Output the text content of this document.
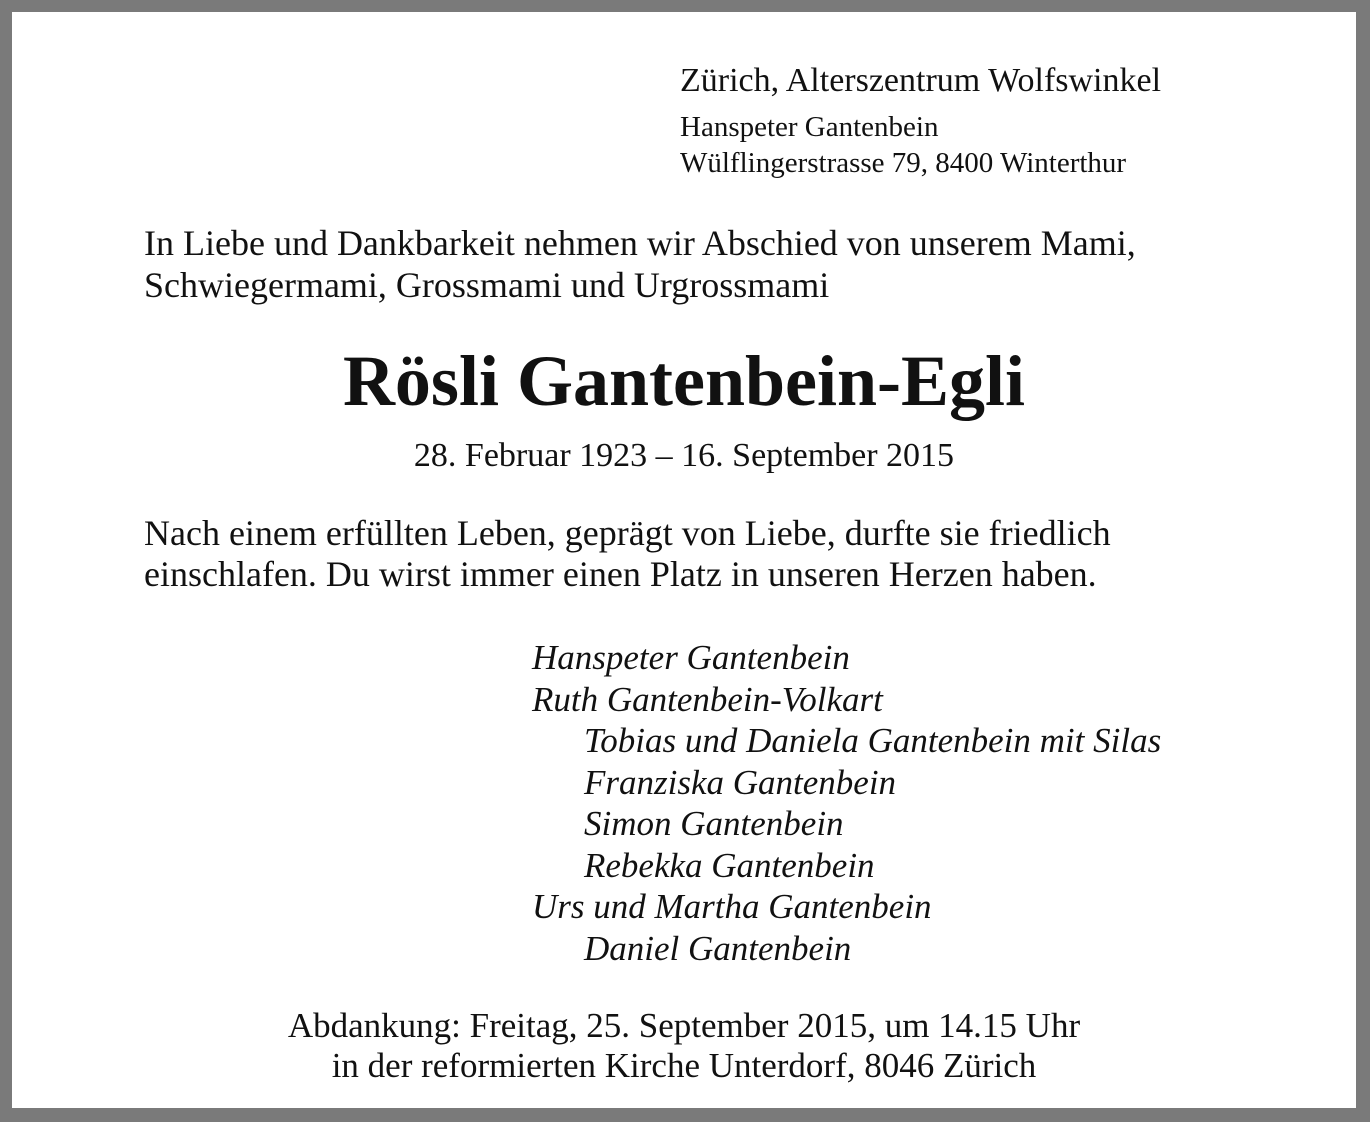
Zürich, Alterszentrum Wolfswinkel
Hanspeter Gantenbein
Wülflingerstrasse 79, 8400 Winterthur
In Liebe und Dankbarkeit nehmen wir Abschied von unserem Mami,
Schwiegermami, Grossmami und Urgrossmami
Rösli Gantenbein-Egli
28. Februar 1923 – 16. September 2015
Nach einem erfüllten Leben, geprägt von Liebe, durfte sie friedlich
einschlafen. Du wirst immer einen Platz in unseren Herzen haben.
Hanspeter Gantenbein
Ruth Gantenbein-Volkart
Tobias und Daniela Gantenbein mit Silas
Franziska Gantenbein
Simon Gantenbein
Rebekka Gantenbein
Urs und Martha Gantenbein
Daniel Gantenbein
Abdankung: Freitag, 25. September 2015, um 14.15 Uhr
in der reformierten Kirche Unterdorf, 8046 Zürich
